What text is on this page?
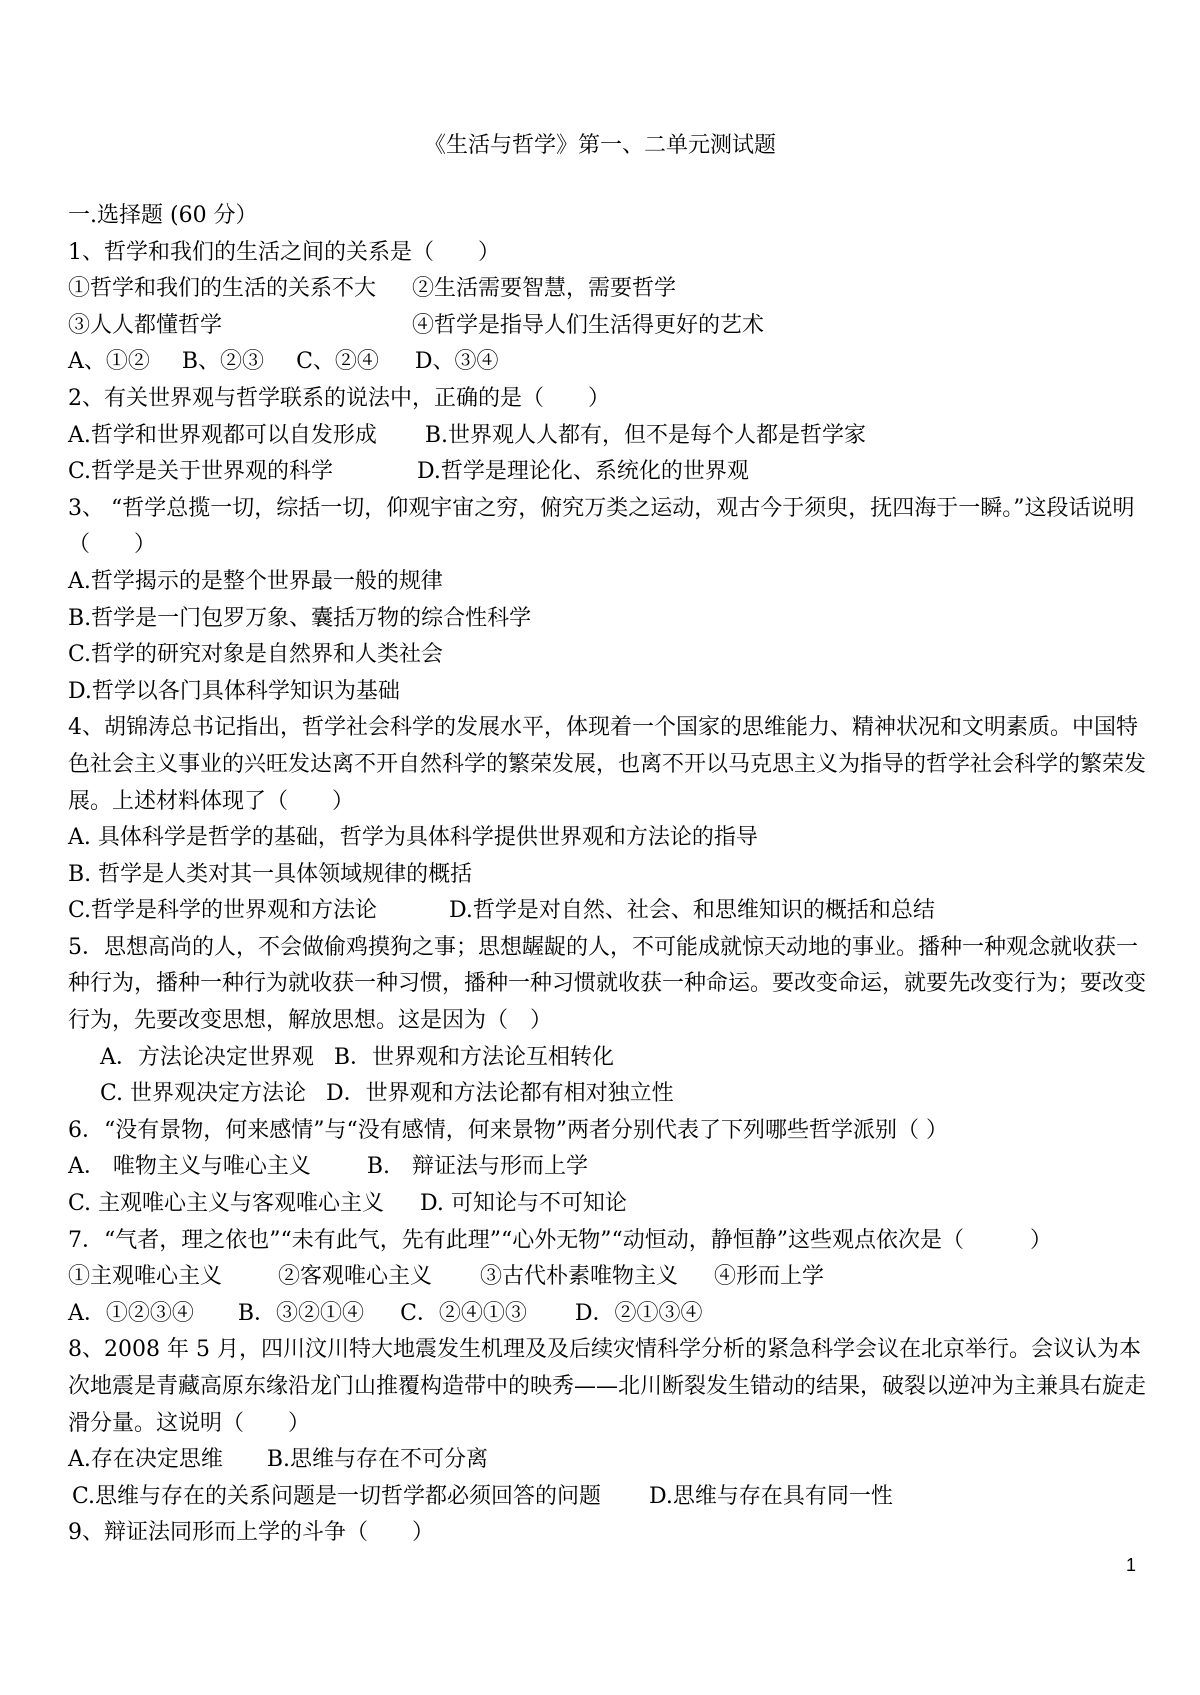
《生活与哲学》第一、二单元测试题
一.选择题 (60 分）
1、哲学和我们的生活之间的关系是（　　）
①哲学和我们的生活的关系不大 ②生活需要智慧，需要哲学
③人人都懂哲学	④哲学是指导人们生活得更好的艺术
A、①② B、②③ C、②④ D、③④
2、有关世界观与哲学联系的说法中，正确的是（　　）
A.哲学和世界观都可以自发形成 B.世界观人人都有，但不是每个人都是哲学家
C.哲学是关于世界观的科学	D.哲学是理论化、系统化的世界观
3、 “哲学总揽一切，综括一切，仰观宇宙之穷，俯究万类之运动，观古今于须臾，抚四海于一瞬。”这段话说明（　　）
A.哲学揭示的是整个世界最一般的规律
B.哲学是一门包罗万象、囊括万物的综合性科学
C.哲学的研究对象是自然界和人类社会
D.哲学以各门具体科学知识为基础
4、胡锦涛总书记指出，哲学社会科学的发展水平，体现着一个国家的思维能力、精神状况和文明素质。中国特色社会主义事业的兴旺发达离不开自然科学的繁荣发展，也离不开以马克思主义为指导的哲学社会科学的繁荣发展。上述材料体现了（　　）
A. 具体科学是哲学的基础，哲学为具体科学提供世界观和方法论的指导
B. 哲学是人类对其一具体领域规律的概括
C.哲学是科学的世界观和方法论	D.哲学是对自然、社会、和思维知识的概括和总结
5．思想高尚的人，不会做偷鸡摸狗之事；思想龌龊的人，不可能成就惊天动地的事业。播种一种观念就收获一种行为，播种一种行为就收获一种习惯，播种一种习惯就收获一种命运。要改变命运，就要先改变行为；要改变行为，先要改变思想，解放思想。这是因为（　）
A．方法论决定世界观 B．世界观和方法论互相转化
C. 世界观决定方法论 D．世界观和方法论都有相对独立性
6．“没有景物，何来感情”与“没有感情，何来景物”两者分别代表了下列哪些哲学派别（ ）
A． 唯物主义与唯心主义	B.　辩证法与形而上学
C. 主观唯心主义与客观唯心主义 D. 可知论与不可知论
7．“气者，理之依也”“未有此气，先有此理”“心外无物”“动恒动，静恒静”这些观点依次是（　　　）
①主观唯心主义	②客观唯心主义 ③古代朴素唯物主义 ④形而上学
A．①②③④ B．③②①④ C．②④①③ D．②①③④
8、2008 年 5 月，四川汶川特大地震发生机理及及后续灾情科学分析的紧急科学会议在北京举行。会议认为本次地震是青藏高原东缘沿龙门山推覆构造带中的映秀——北川断裂发生错动的结果，破裂以逆冲为主兼具右旋走滑分量。这说明（　　）
A.存在决定思维 B.思维与存在不可分离
C.思维与存在的关系问题是一切哲学都必须回答的问题 D.思维与存在具有同一性
9、辩证法同形而上学的斗争（　　）
1
